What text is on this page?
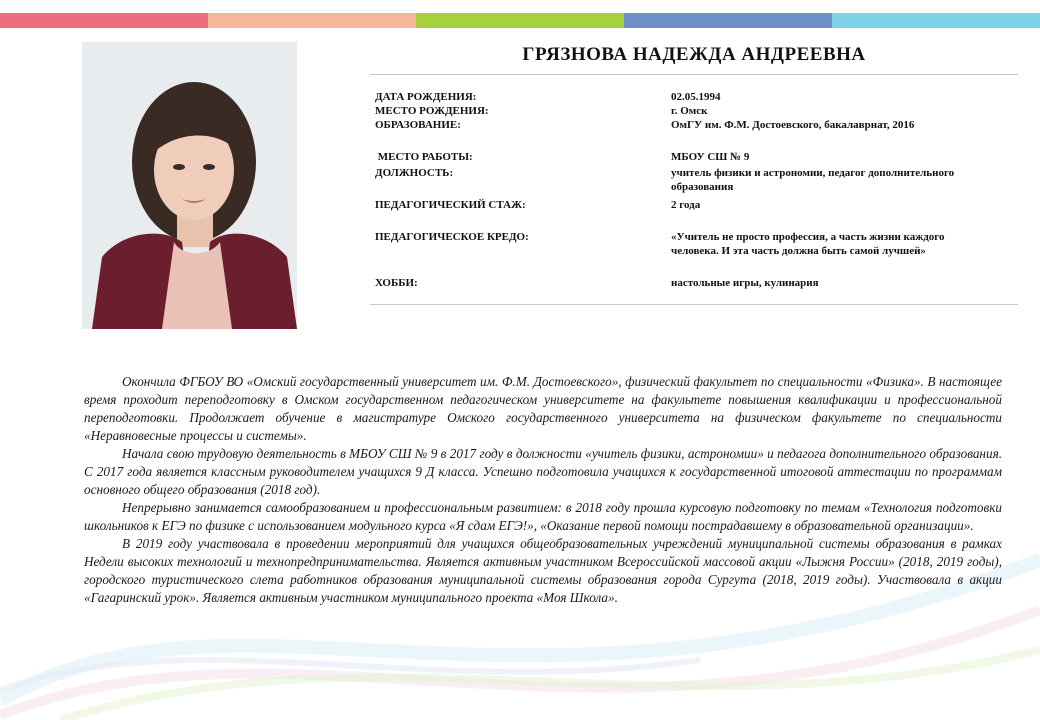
ГРЯЗНОВА НАДЕЖДА АНДРЕЕВНА
ДАТА РОЖДЕНИЯ:	02.05.1994
МЕСТО РОЖДЕНИЯ:	г. Омск
ОБРАЗОВАНИЕ:	ОмГУ им. Ф.М. Достоевского, бакалаврнат, 2016
МЕСТО РАБОТЫ:	МБОУ СШ № 9
ДОЛЖНОСТЬ:	учитель физики и астрономии, педагог дополнительного образования
ПЕДАГОГИЧЕСКИЙ СТАЖ:	2 года
ПЕДАГОГИЧЕСКОЕ КРЕДО:	«Учитель не просто профессия, а часть жизни каждого человека. И эта часть должна быть самой лучшей»
ХОББИ:	настольные игры, кулинария

Окончила ФГБОУ ВО «Омский государственный университет им. Ф.М. Достоевского», физический факультет по специальности «Физика». В настоящее время проходит переподготовку в Омском государственном педагогическом университете на факультете повышения квалификации и профессиональной переподготовки. Продолжает обучение в магистратуре Омского государственного университета на физическом факультете по специальности «Неравновесные процессы и системы».

Начала свою трудовую деятельность в МБОУ СШ № 9 в 2017 году в должности «учитель физики, астрономии» и педагога дополнительного образования. С 2017 года является классным руководителем учащихся 9 Д класса. Успешно подготовила учащихся к государственной итоговой аттестации по программам основного общего образования (2018 год).

Непрерывно занимается самообразованием и профессиональным развитием: в 2018 году прошла курсовую подготовку по темам «Технология подготовки школьников к ЕГЭ по физике с использованием модульного курса «Я сдам ЕГЭ!», «Оказание первой помощи пострадавшему в образовательной организации».

В 2019 году участвовала в проведении мероприятий для учащихся общеобразовательных учреждений муниципальной системы образования в рамках Недели высоких технологий и технопредпринимательства. Является активным участником Всероссийской массовой акции «Лыжня России» (2018, 2019 годы), городского туристического слета работников образования муниципальной системы образования города Сургута (2018, 2019 годы). Участвовала в акции «Гагаринский урок». Является активным участником муниципального проекта «Моя Школа».
